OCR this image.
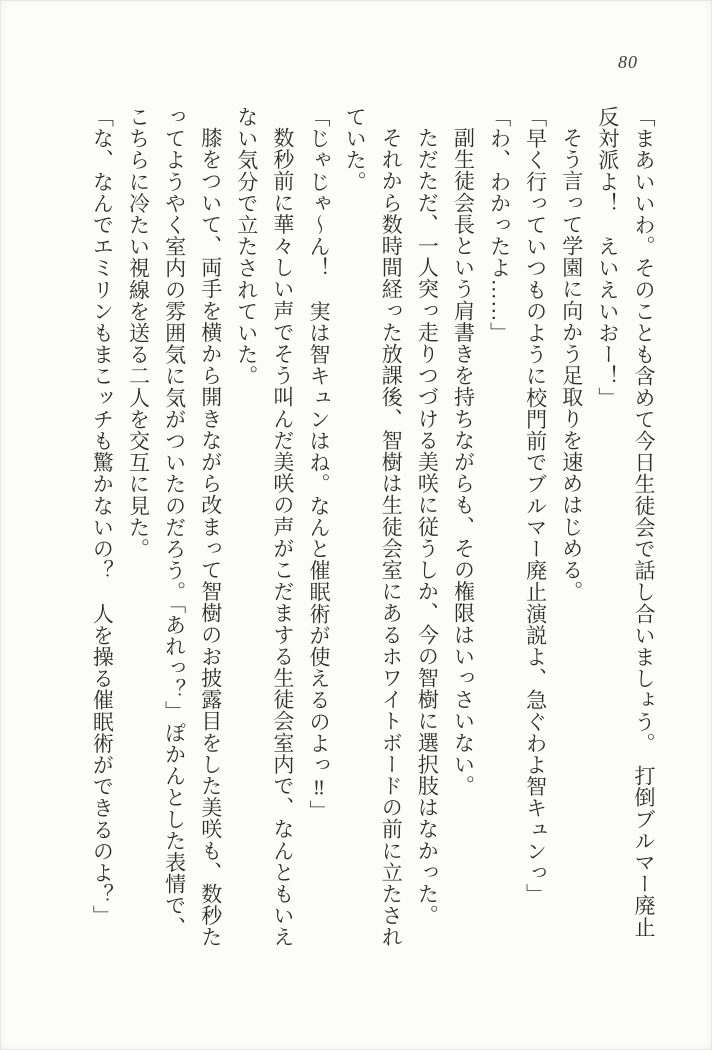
80

「まあいいわ。そのことも含めて今日生徒会で話し合いましょう。　打倒ブルマー廃止反対派よ！　えいえいおー！」

そう言って学園に向かう足取りを速めはじめる。

「早く行っていつものように校門前でブルマー廃止演説よ、急ぐわよ智キュンっ」

「わ、わかったよ……」

副生徒会長という肩書きを持ちながらも、その権限はいっさいない。

ただただ、一人突っ走りつづける美咲に従うしか、今の智樹に選択肢はなかった。

それから数時間経った放課後、智樹は生徒会室にあるホワイトボードの前に立たされていた。

「じゃじゃ～ん！　実は智キュンはね。なんと催眠術が使えるのよっ‼」

数秒前に華々しい声でそう叫んだ美咲の声がこだまする生徒会室内で、なんともいえない気分で立たされていた。

膝をついて、両手を横から開きながら改まって智樹のお披露目をした美咲も、数秒たってようやく室内の雰囲気に気がついたのだろう。「あれっ？」ぽかんとした表情で、こちらに冷たい視線を送る二人を交互に見た。

「な、なんでエミリンもまこッチも驚かないの？　人を操る催眠術ができるのよ？」
